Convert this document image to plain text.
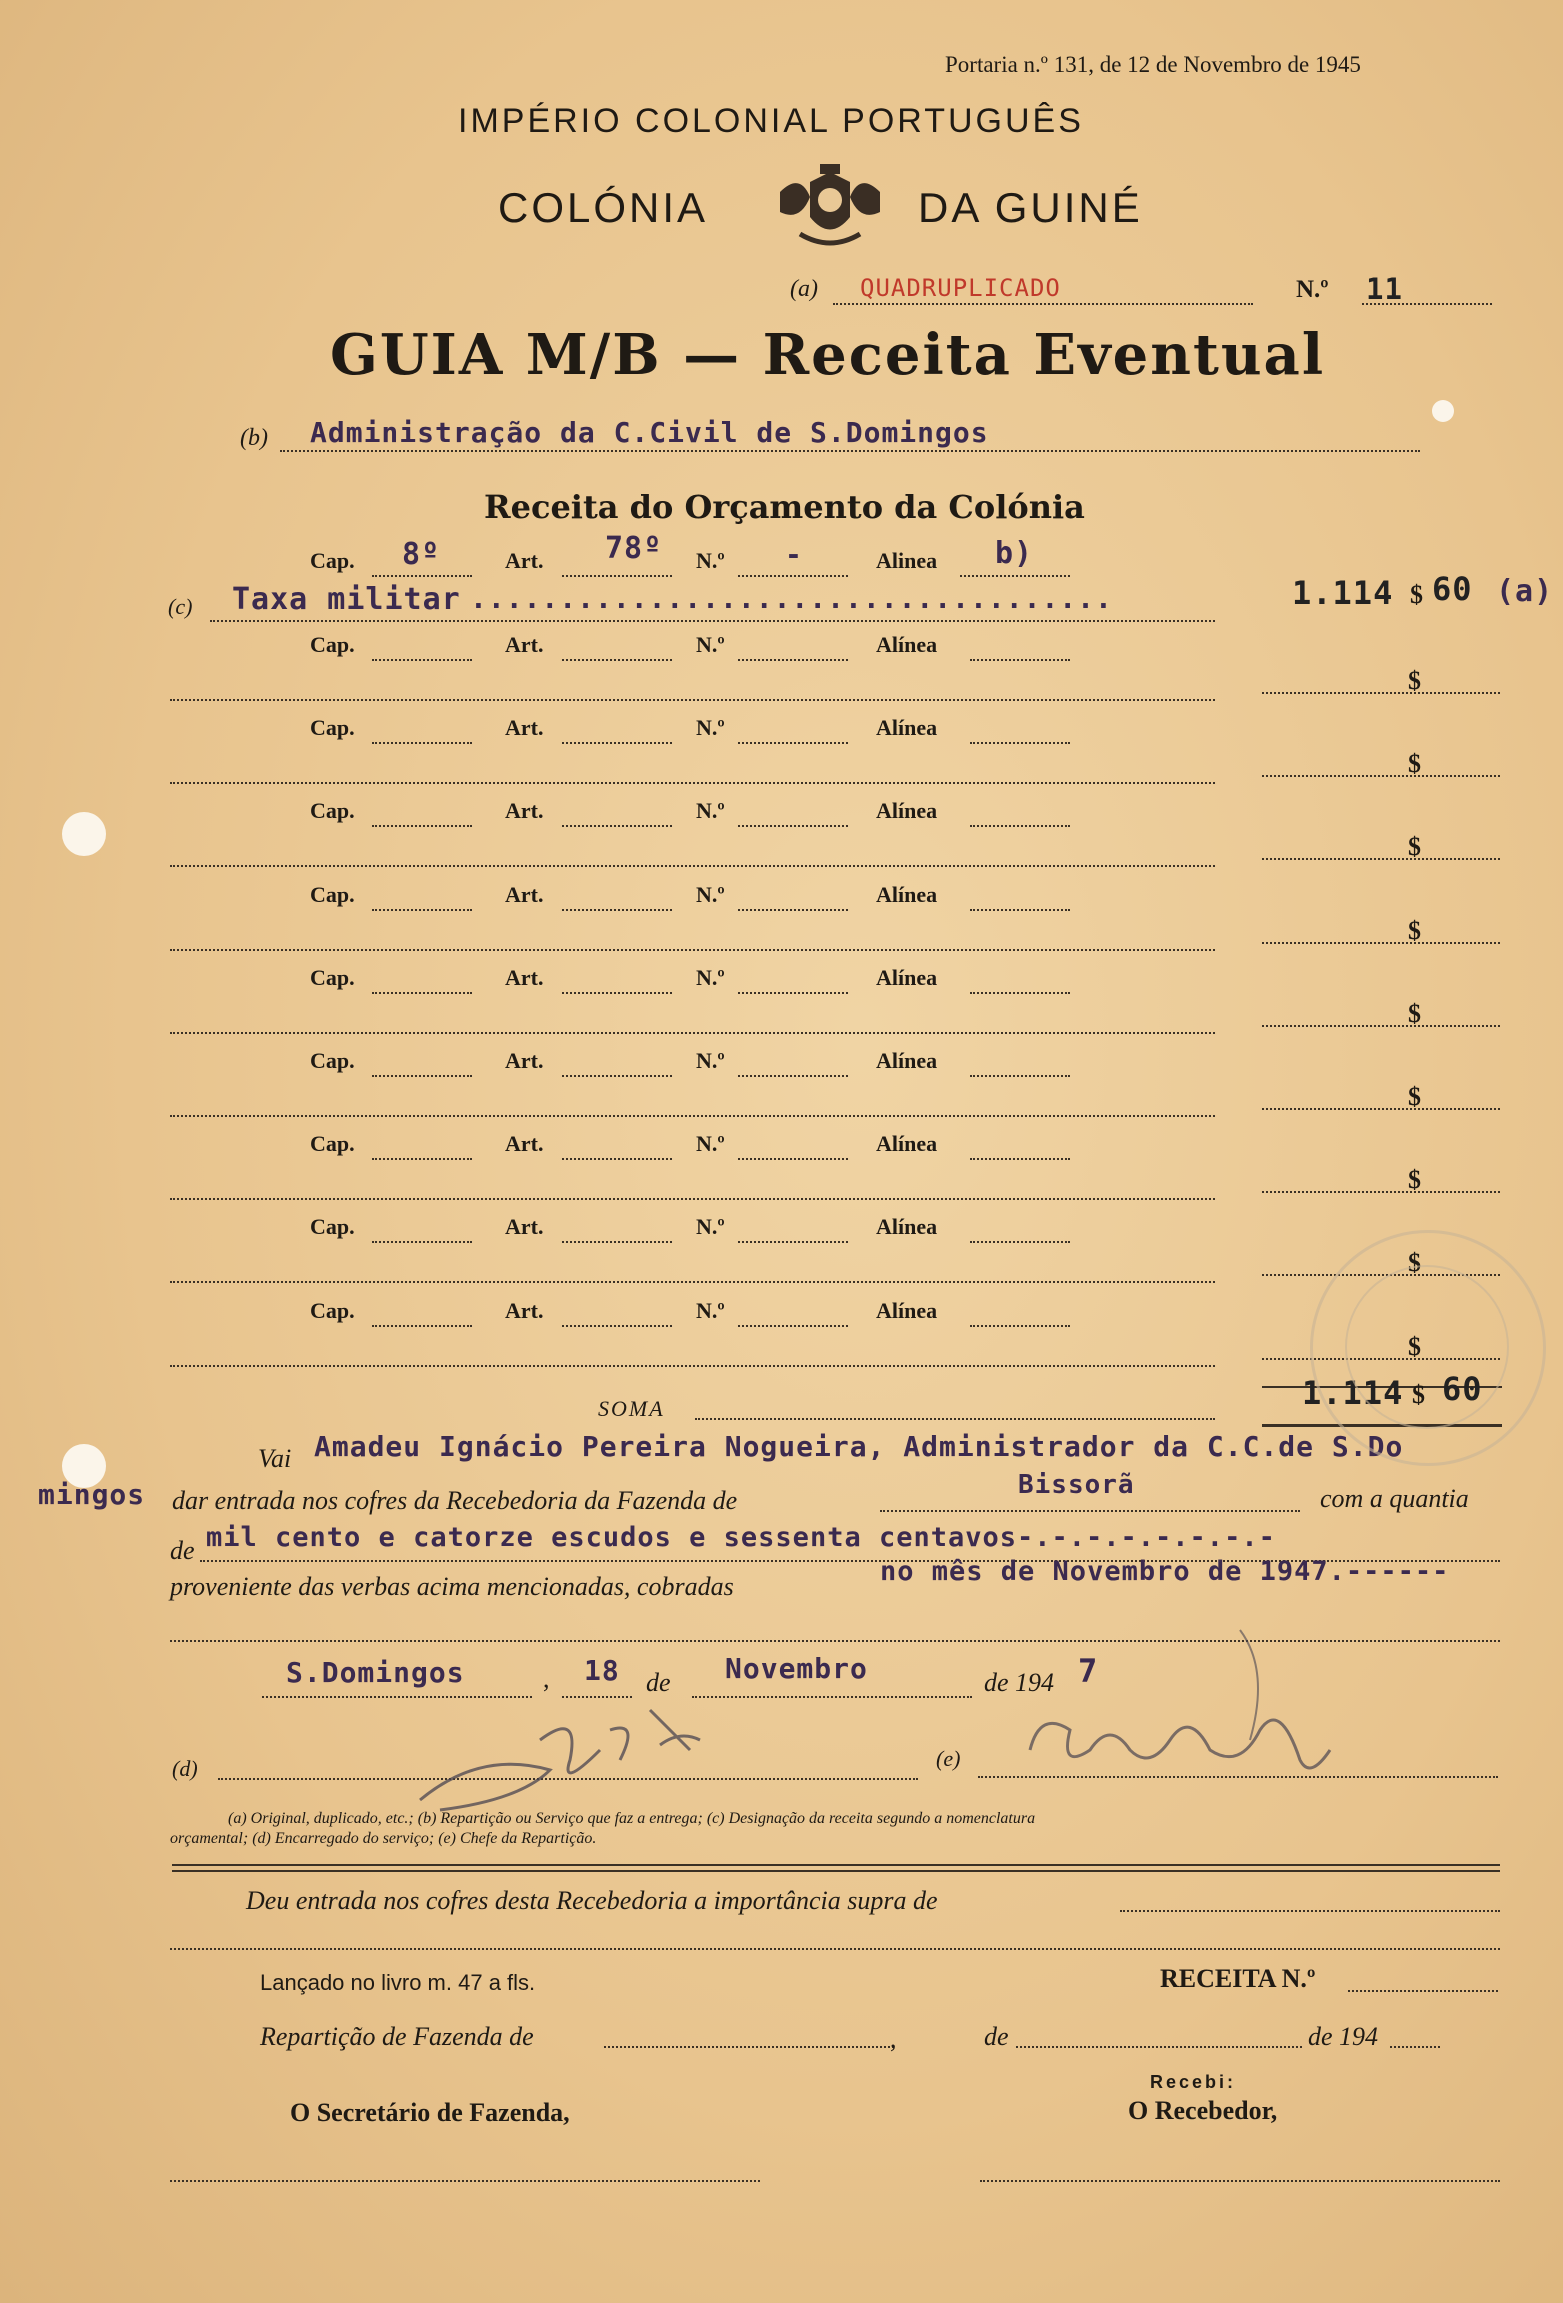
Portaria n.º 131, de 12 de Novembro de 1945
IMPÉRIO COLONIAL PORTUGUÊS
COLÓNIA	DA GUINÉ
(a) QUADRUPLICADO	N.º 11
GUIA M/B — Receita Eventual
(b) Administração da C.Civil de S.Domingos
Receita do Orçamento da Colónia
Cap. 8º	Art. 78º N.º -	Alinea b)
(c) Taxa militar ....................................	1.114 $ 60 (a)
Cap.	Art.	N.º	Alínea
$
Cap.	Art.	N.º	Alínea
$
Cap.	Art.	N.º	Alínea
$
Cap.	Art.	N.º	Alínea
$
Cap.	Art.	N.º	Alínea
$
Cap.	Art.	N.º	Alínea
$
Cap.	Art.	N.º	Alínea
$
Cap.	Art.	N.º	Alínea
$
Cap.	Art.	N.º	Alínea
$
SOMA	1.114 $ 60
Vai Amadeu Ignácio Pereira Nogueira, Administrador da C.C.de S.Do
mingos dar entrada nos cofres da Recebedoria da Fazenda de
Bissorã	com a quantia
de mil cento e catorze escudos e sessenta centavos-.-.-.-.-.-.-.-
proveniente das verbas acima mencionadas, cobradas	no mês de Novembro de 1947.------
S.Domingos	, 18 de Novembro	de 194 7
(d)	(e)
(a) Original, duplicado, etc.; (b) Repartição ou Serviço que faz a entrega; (c) Designação da receita segundo a nomenclatura
orçamental; (d) Encarregado do serviço; (e) Chefe da Repartição.
Deu entrada nos cofres desta Recebedoria a importância supra de
Lançado no livro m. 47 a fls.	RECEITA N.º
Repartição de Fazenda de	,	de	de 194
Recebi:
O Secretário de Fazenda,	O Recebedor,
